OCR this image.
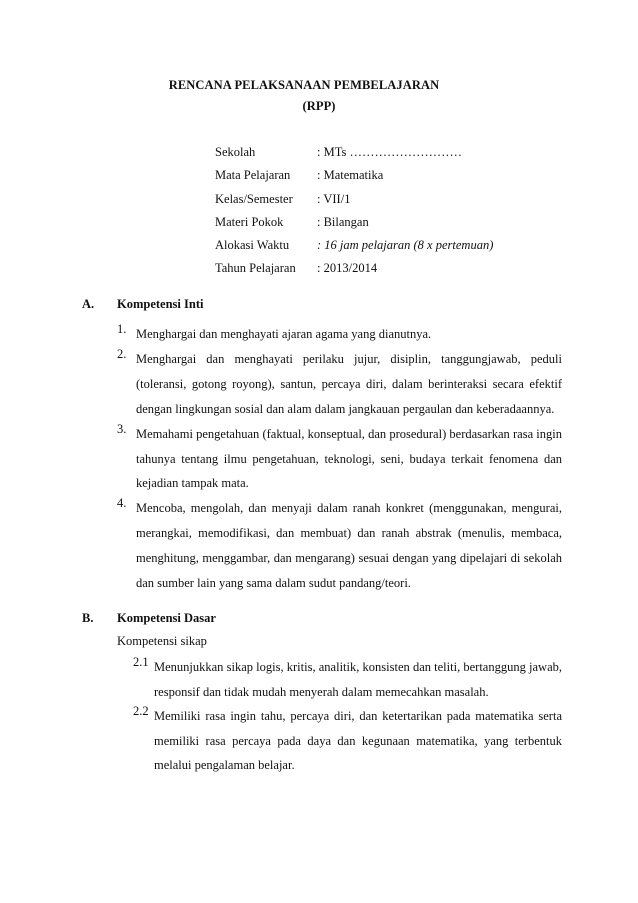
RENCANA PELAKSANAAN PEMBELAJARAN
(RPP)
Sekolah	: MTs ………………………
Mata Pelajaran	: Matematika
Kelas/Semester	: VII/1
Materi Pokok	: Bilangan
Alokasi Waktu	: 16 jam pelajaran (8 x pertemuan)
Tahun Pelajaran	: 2013/2014
A. Kompetensi Inti
1. Menghargai dan menghayati ajaran agama yang dianutnya.
2. Menghargai dan menghayati perilaku jujur, disiplin, tanggungjawab, peduli (toleransi, gotong royong), santun, percaya diri, dalam berinteraksi secara efektif dengan lingkungan sosial dan alam dalam jangkauan pergaulan dan keberadaannya.
3. Memahami pengetahuan (faktual, konseptual, dan prosedural) berdasarkan rasa ingin tahunya tentang ilmu pengetahuan, teknologi, seni, budaya terkait fenomena dan kejadian tampak mata.
4. Mencoba, mengolah, dan menyaji dalam ranah konkret (menggunakan, mengurai, merangkai, memodifikasi, dan membuat) dan ranah abstrak (menulis, membaca, menghitung, menggambar, dan mengarang) sesuai dengan yang dipelajari di sekolah dan sumber lain yang sama dalam sudut pandang/teori.
B. Kompetensi Dasar
Kompetensi sikap
2.1 Menunjukkan sikap logis, kritis, analitik, konsisten dan teliti, bertanggung jawab, responsif dan tidak mudah menyerah dalam memecahkan masalah.
2.2 Memiliki rasa ingin tahu, percaya diri, dan ketertarikan pada matematika serta memiliki rasa percaya pada daya dan kegunaan matematika, yang terbentuk melalui pengalaman belajar.
